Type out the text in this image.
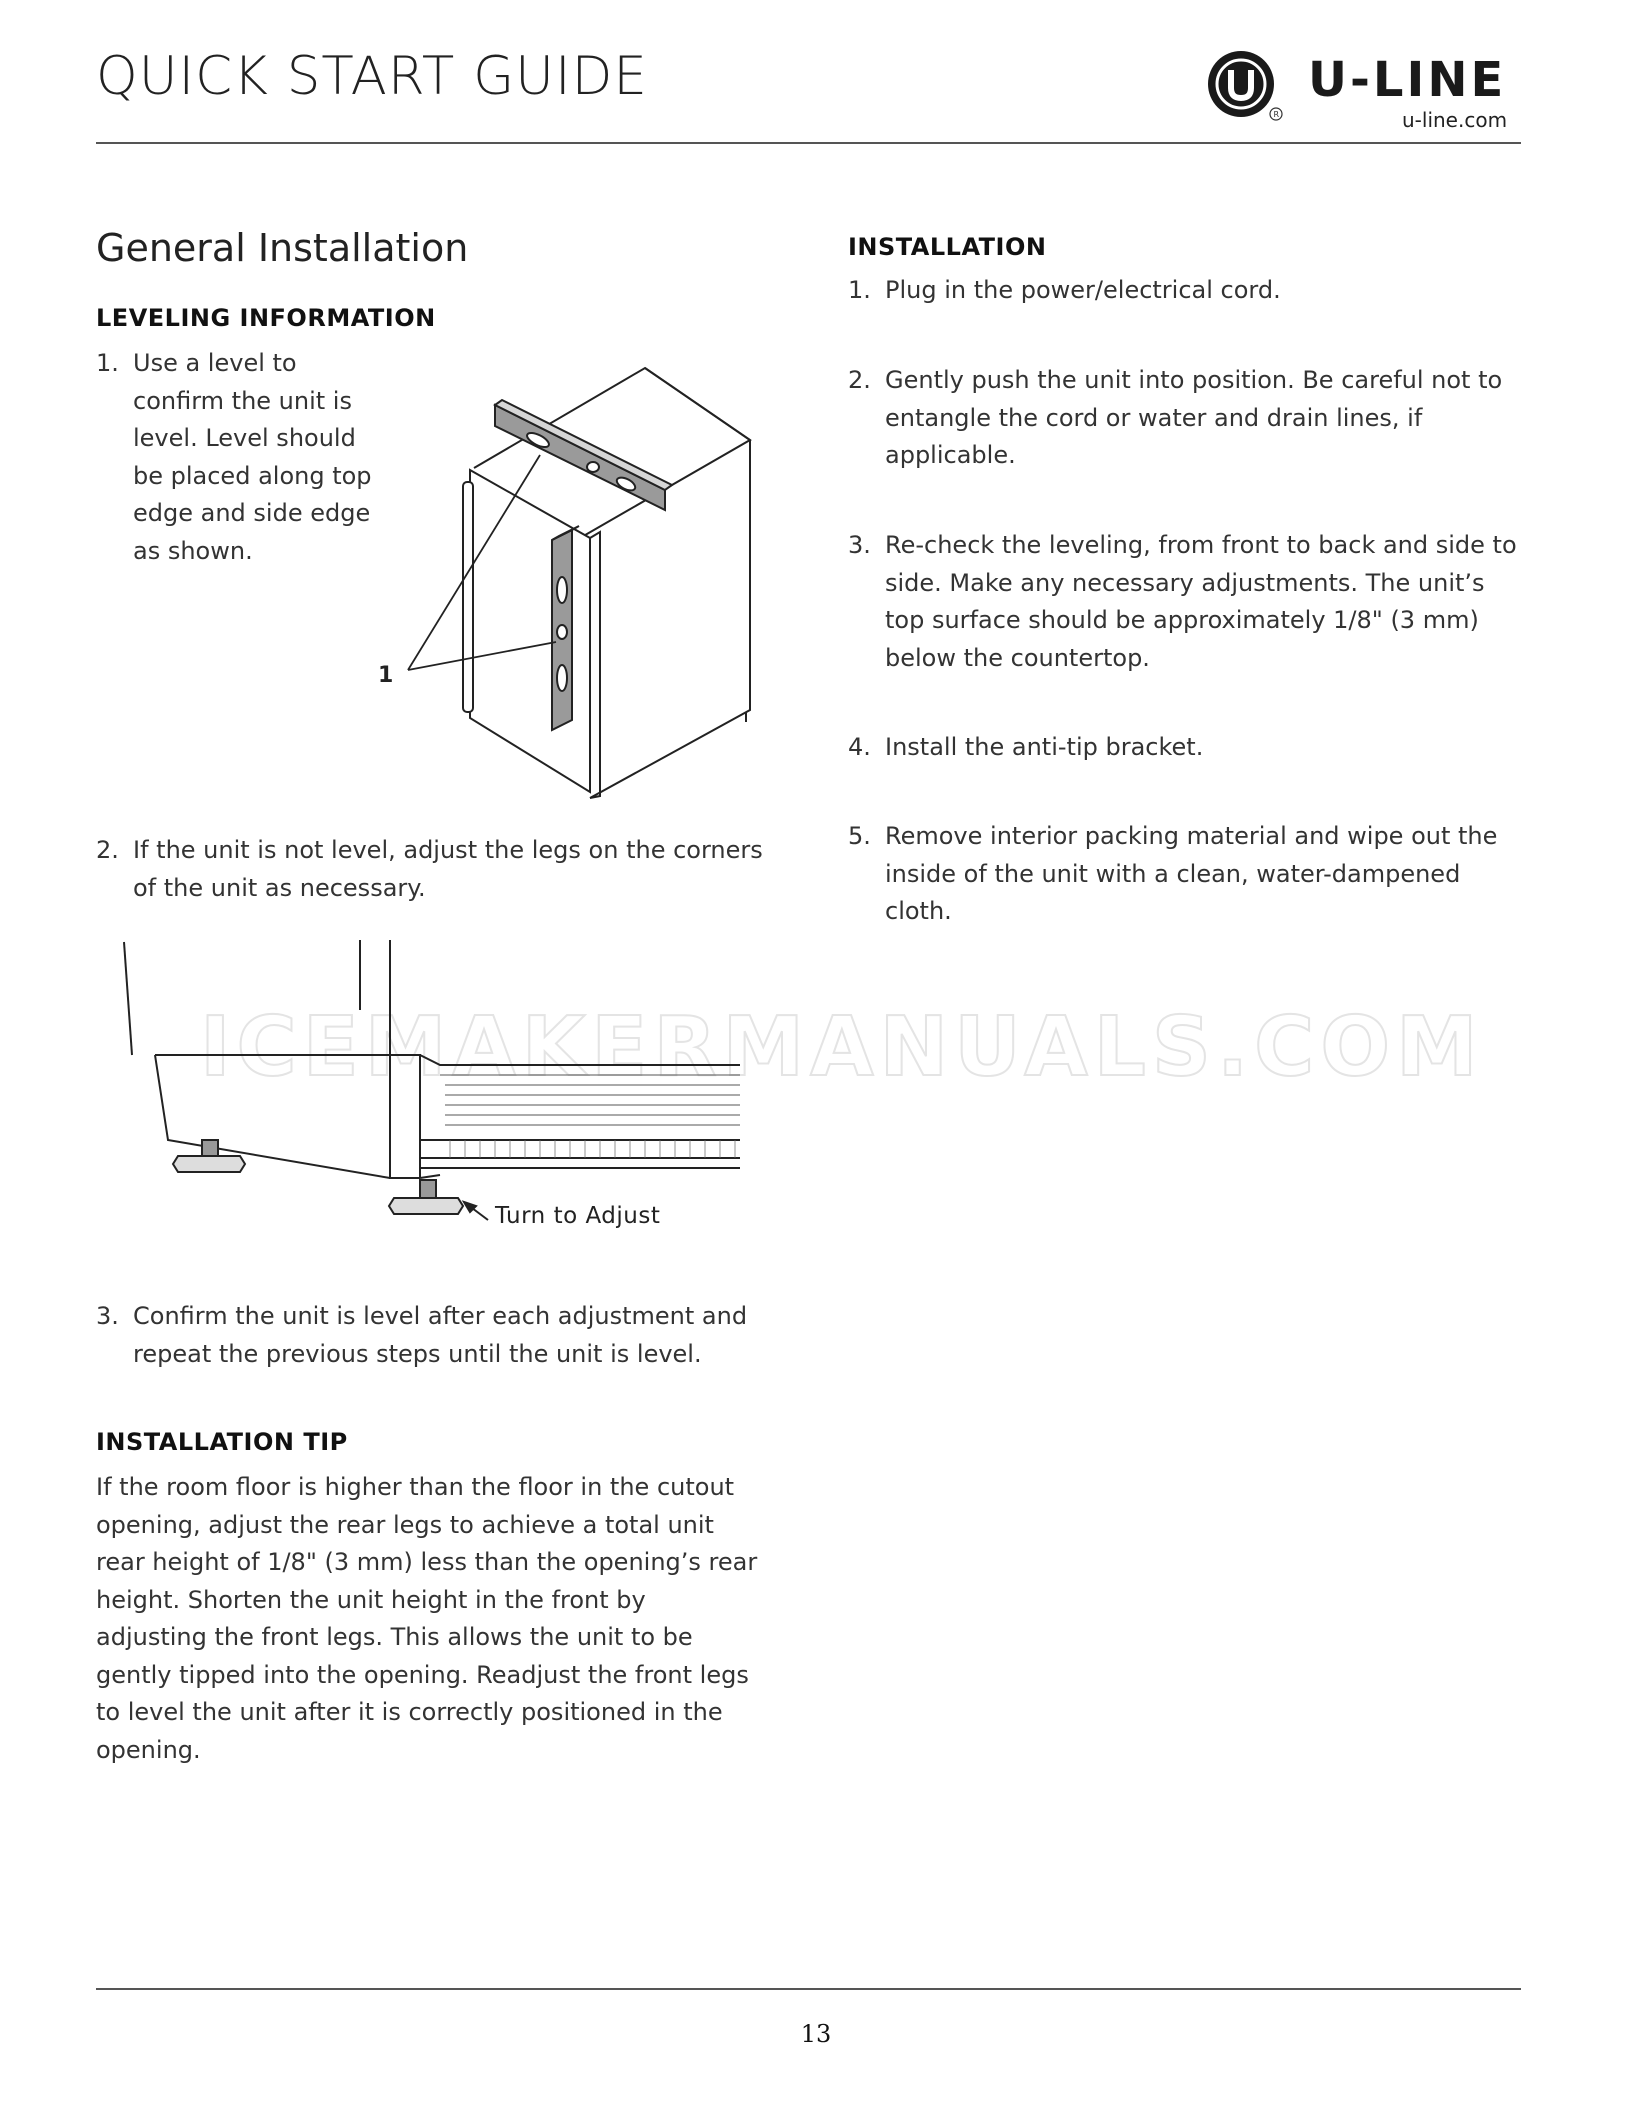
QUICK START GUIDE
R
U-LINE
u-line.com
ICEMAKERMANUALS.COM
General Installation
LEVELING INFORMATION
1. Use a level to
confirm the unit is
level. Level should
be placed along top
edge and side edge
as shown.
1
2. If the unit is not level, adjust the legs on the corners of the unit as necessary.
Turn to Adjust
3. Confirm the unit is level after each adjustment and repeat the previous steps until the unit is level.
INSTALLATION TIP
If the room floor is higher than the floor in the cutout opening, adjust the rear legs to achieve a total unit rear height of 1/8" (3 mm) less than the opening’s rear height. Shorten the unit height in the front by adjusting the front legs. This allows the unit to be gently tipped into the opening. Readjust the front legs to level the unit after it is correctly positioned in the opening.
INSTALLATION
1. Plug in the power/electrical cord.
2. Gently push the unit into position. Be careful not to entangle the cord or water and drain lines, if applicable.
3. Re-check the leveling, from front to back and side to side. Make any necessary adjustments. The unit’s top surface should be approximately 1/8" (3 mm) below the countertop.
4. Install the anti-tip bracket.
5. Remove interior packing material and wipe out the inside of the unit with a clean, water-dampened cloth.
13
